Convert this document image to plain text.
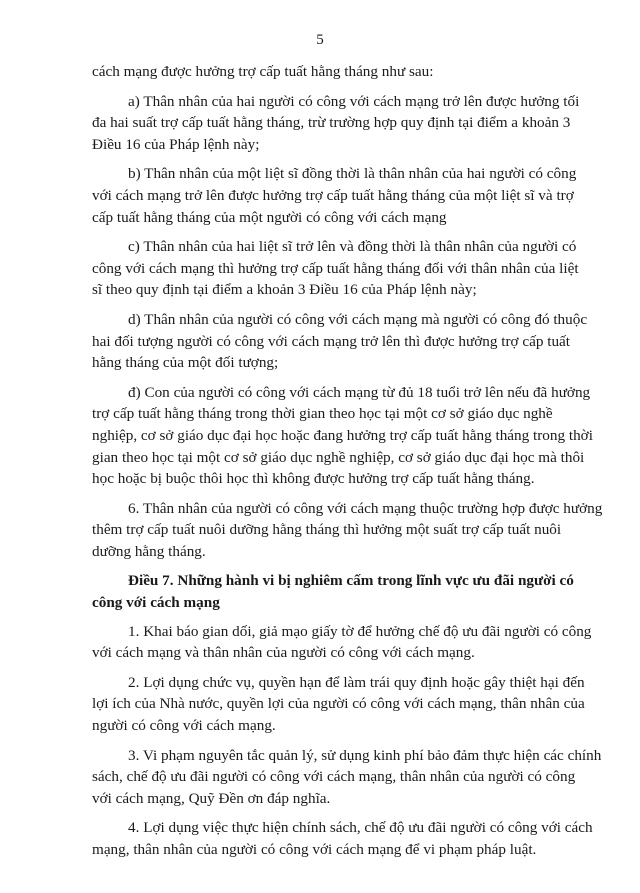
5

cách mạng được hưởng trợ cấp tuất hằng tháng như sau:

a) Thân nhân của hai người có công với cách mạng trở lên được hưởng tối
đa hai suất trợ cấp tuất hằng tháng, trừ trường hợp quy định tại điểm a khoản 3
Điều 16 của Pháp lệnh này;

b) Thân nhân của một liệt sĩ đồng thời là thân nhân của hai người có công
với cách mạng trở lên được hưởng trợ cấp tuất hằng tháng của một liệt sĩ và trợ
cấp tuất hằng tháng của một người có công với cách mạng

c) Thân nhân của hai liệt sĩ trở lên và đồng thời là thân nhân của người có
công với cách mạng thì hưởng trợ cấp tuất hằng tháng đối với thân nhân của liệt
sĩ theo quy định tại điểm a khoản 3 Điều 16 của Pháp lệnh này;

d) Thân nhân của người có công với cách mạng mà người có công đó thuộc
hai đối tượng người có công với cách mạng trở lên thì được hưởng trợ cấp tuất
hằng tháng của một đối tượng;

đ) Con của người có công với cách mạng từ đủ 18 tuổi trở lên nếu đã hưởng
trợ cấp tuất hằng tháng trong thời gian theo học tại một cơ sở giáo dục nghề
nghiệp, cơ sở giáo dục đại học hoặc đang hưởng trợ cấp tuất hằng tháng trong thời
gian theo học tại một cơ sở giáo dục nghề nghiệp, cơ sở giáo dục đại học mà thôi
học hoặc bị buộc thôi học thì không được hưởng trợ cấp tuất hằng tháng.

6. Thân nhân của người có công với cách mạng thuộc trường hợp được hưởng
thêm trợ cấp tuất nuôi dưỡng hằng tháng thì hưởng một suất trợ cấp tuất nuôi
dưỡng hằng tháng.

Điều 7. Những hành vi bị nghiêm cấm trong lĩnh vực ưu đãi người có
công với cách mạng

1. Khai báo gian dối, giả mạo giấy tờ để hưởng chế độ ưu đãi người có công
với cách mạng và thân nhân của người có công với cách mạng.

2. Lợi dụng chức vụ, quyền hạn để làm trái quy định hoặc gây thiệt hại đến
lợi ích của Nhà nước, quyền lợi của người có công với cách mạng, thân nhân của
người có công với cách mạng.

3. Vi phạm nguyên tắc quản lý, sử dụng kinh phí bảo đảm thực hiện các chính
sách, chế độ ưu đãi người có công với cách mạng, thân nhân của người có công
với cách mạng, Quỹ Đền ơn đáp nghĩa.

4. Lợi dụng việc thực hiện chính sách, chế độ ưu đãi người có công với cách
mạng, thân nhân của người có công với cách mạng để vi phạm pháp luật.
